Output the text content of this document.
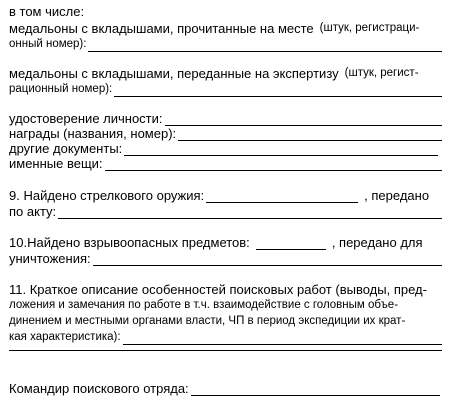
в том числе:
медальоны с вкладышами, прочитанные на месте (штук, регистраци-
онный номер):
медальоны с вкладышами, переданные на экспертизу (штук, регист-
рационный номер):
удостоверение личности:
награды (названия, номер):
другие документы:
именные вещи:
9. Найдено стрелкового оружия:	, передано
по акту:
10.Найдено взрывоопасных предметов:	, передано для
уничтожения:
11. Краткое описание особенностей поисковых работ (выводы, пред-
ложения и замечания по работе в т.ч. взаимодействие с головным объе-
динением и местными органами власти, ЧП в период экспедиции их крат-
кая характеристика):
Командир поискового отряда:
